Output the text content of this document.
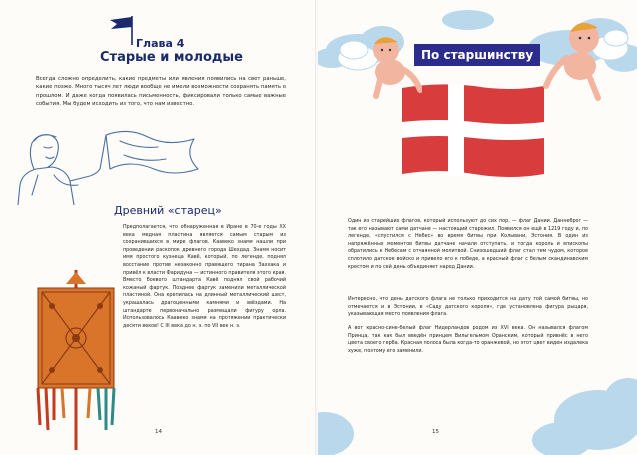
Глава 4
Старые и молодые

Всегда сложно определить, какие предметы или явления появились на свет раньше, какие позже. Много тысяч лет люди вообще не имели возможности сохранять память о прошлом. И даже когда появилась письменность, фиксировали только самые важные события. Мы будем исходить из того, что нам известно.

Древний «старец»

Предполагается, что обнаруженная в Иране в 70-е годы XX века медная пластина является самым старым из сохранившихся в мире флагов. Каавеко знамя нашли при проведении раскопок древнего города Шехдад. Знамя носит имя простого кузнеца Кавё, который, по легенде, поднял восстание против незаконно правящего тирана Заххака и привёл к власти Фаридуна — истинного правителя этого края. Вместо боевого штандарта Кавё поднял свой рабочий кожаный фартук. Позднее фартук заменили металлической пластиной. Она крепилась на длинный металлический шест, украшалась драгоценными камнями и звёздами. На штандарте первоначально размещали фигуру орла. Использовалось Каавеко знамя на протяжении практически десяти веков! С III века до н. э. по VII век н. э.

14
По старшинству

Один из старейших флагов, который используют до сих пор, — флаг Дании. Даннеброг — так его называют сами датчане — настоящий старожил. Появился он ещё в 1219 году и, по легенде, «спустился с Небес» во время битвы при Кольвани, Эстония. В один из напряжённых моментов битвы датчане начали отступать, и тогда король и епископы обратились к Небесам с отчаянной молитвой. Снизошедший флаг стал тем чудом, которое сплотило датское войско и привело его к победе, а красный флаг с белым скандинавским крестом и по сей день объединяет народ Дании.

Интересно, что день датского флага не только приходится на дату той самой битвы, но отмечается и в Эстонии, в «Саду датского короля», где установлена фигура рыцаря, указывающая место появления флага.

А вот красно-сине-белый флаг Нидерландов родом из XVI века. Он назывался флагом Принца, так как был введён принцем Вильгельмом Оранским, который привнёс в него цвета своего герба. Красная полоса была когда-то оранжевой, но этот цвет виден издалека хуже, поэтому его заменили.

15
